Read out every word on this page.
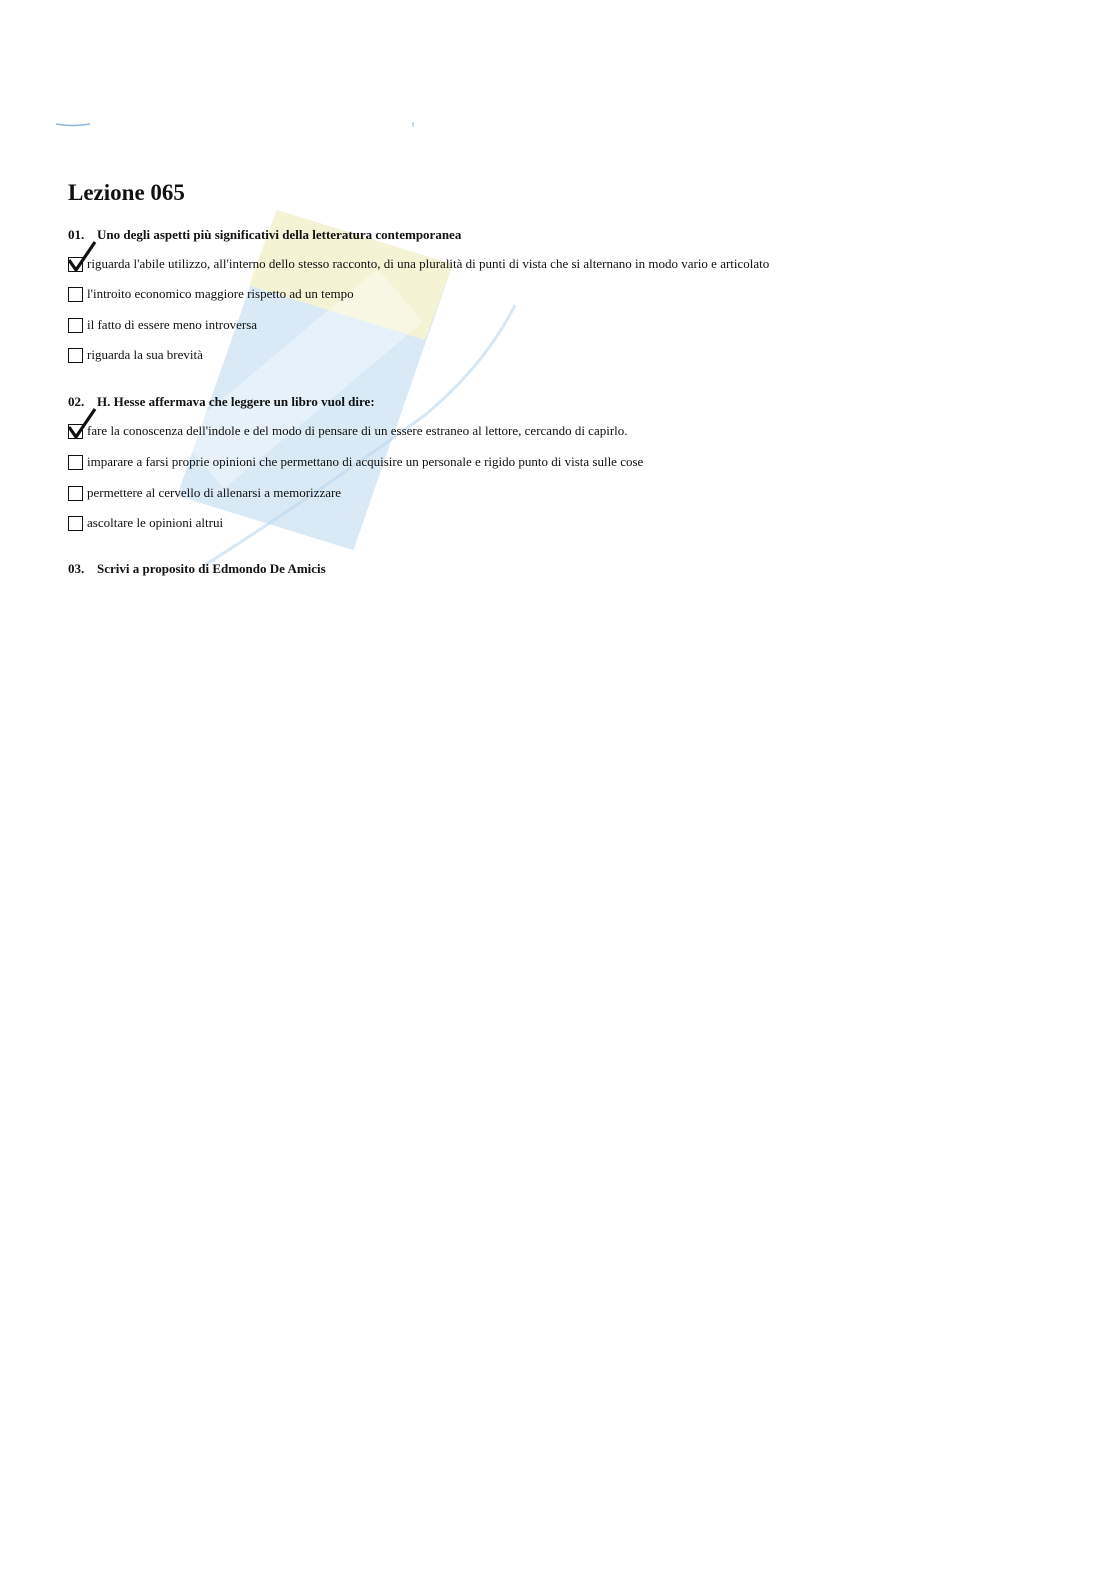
Lezione 065
01. Uno degli aspetti più significativi della letteratura contemporanea
riguarda l'abile utilizzo, all'interno dello stesso racconto, di una pluralità di punti di vista che si alternano in modo vario e articolato
l'introito economico maggiore rispetto ad un tempo
il fatto di essere meno introversa
riguarda la sua brevità
02. H. Hesse affermava che leggere un libro vuol dire:
fare la conoscenza dell'indole e del modo di pensare di un essere estraneo al lettore, cercando di capirlo.
imparare a farsi proprie opinioni che permettano di acquisire un personale e rigido punto di vista sulle cose
permettere al cervello di allenarsi a memorizzare
ascoltare le opinioni altrui
03. Scrivi a proposito di Edmondo De Amicis
